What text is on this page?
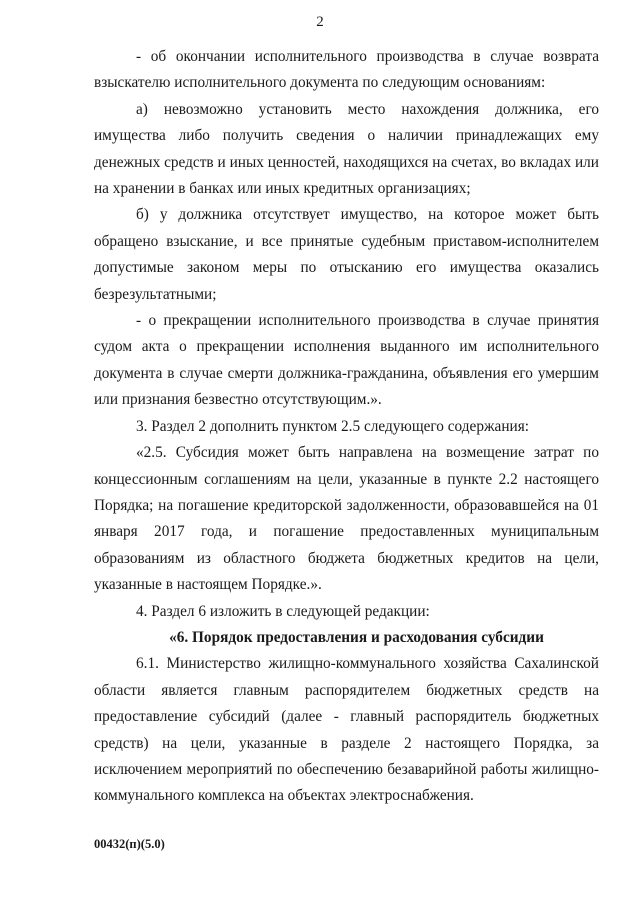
2

- об окончании исполнительного производства в случае возврата взыскателю исполнительного документа по следующим основаниям:

а) невозможно установить место нахождения должника, его имущества либо получить сведения о наличии принадлежащих ему денежных средств и иных ценностей, находящихся на счетах, во вкладах или на хранении в банках или иных кредитных организациях;

б) у должника отсутствует имущество, на которое может быть обращено взыскание, и все принятые судебным приставом-исполнителем допустимые законом меры по отысканию его имущества оказались безрезультатными;

- о прекращении исполнительного производства в случае принятия судом акта о прекращении исполнения выданного им исполнительного документа в случае смерти должника-гражданина, объявления его умершим или признания безвестно отсутствующим.».

3. Раздел 2 дополнить пунктом 2.5 следующего содержания:

«2.5. Субсидия может быть направлена на возмещение затрат по концессионным соглашениям на цели, указанные в пункте 2.2 настоящего Порядка; на погашение кредиторской задолженности, образовавшейся на 01 января 2017 года, и погашение предоставленных муниципальным образованиям из областного бюджета бюджетных кредитов на цели, указанные в настоящем Порядке.».

4. Раздел 6 изложить в следующей редакции:

«6. Порядок предоставления и расходования субсидии

6.1. Министерство жилищно-коммунального хозяйства Сахалинской области является главным распорядителем бюджетных средств на предоставление субсидий (далее - главный распорядитель бюджетных средств) на цели, указанные в разделе 2 настоящего Порядка, за исключением мероприятий по обеспечению безаварийной работы жилищно-коммунального комплекса на объектах электроснабжения.

00432(п)(5.0)
